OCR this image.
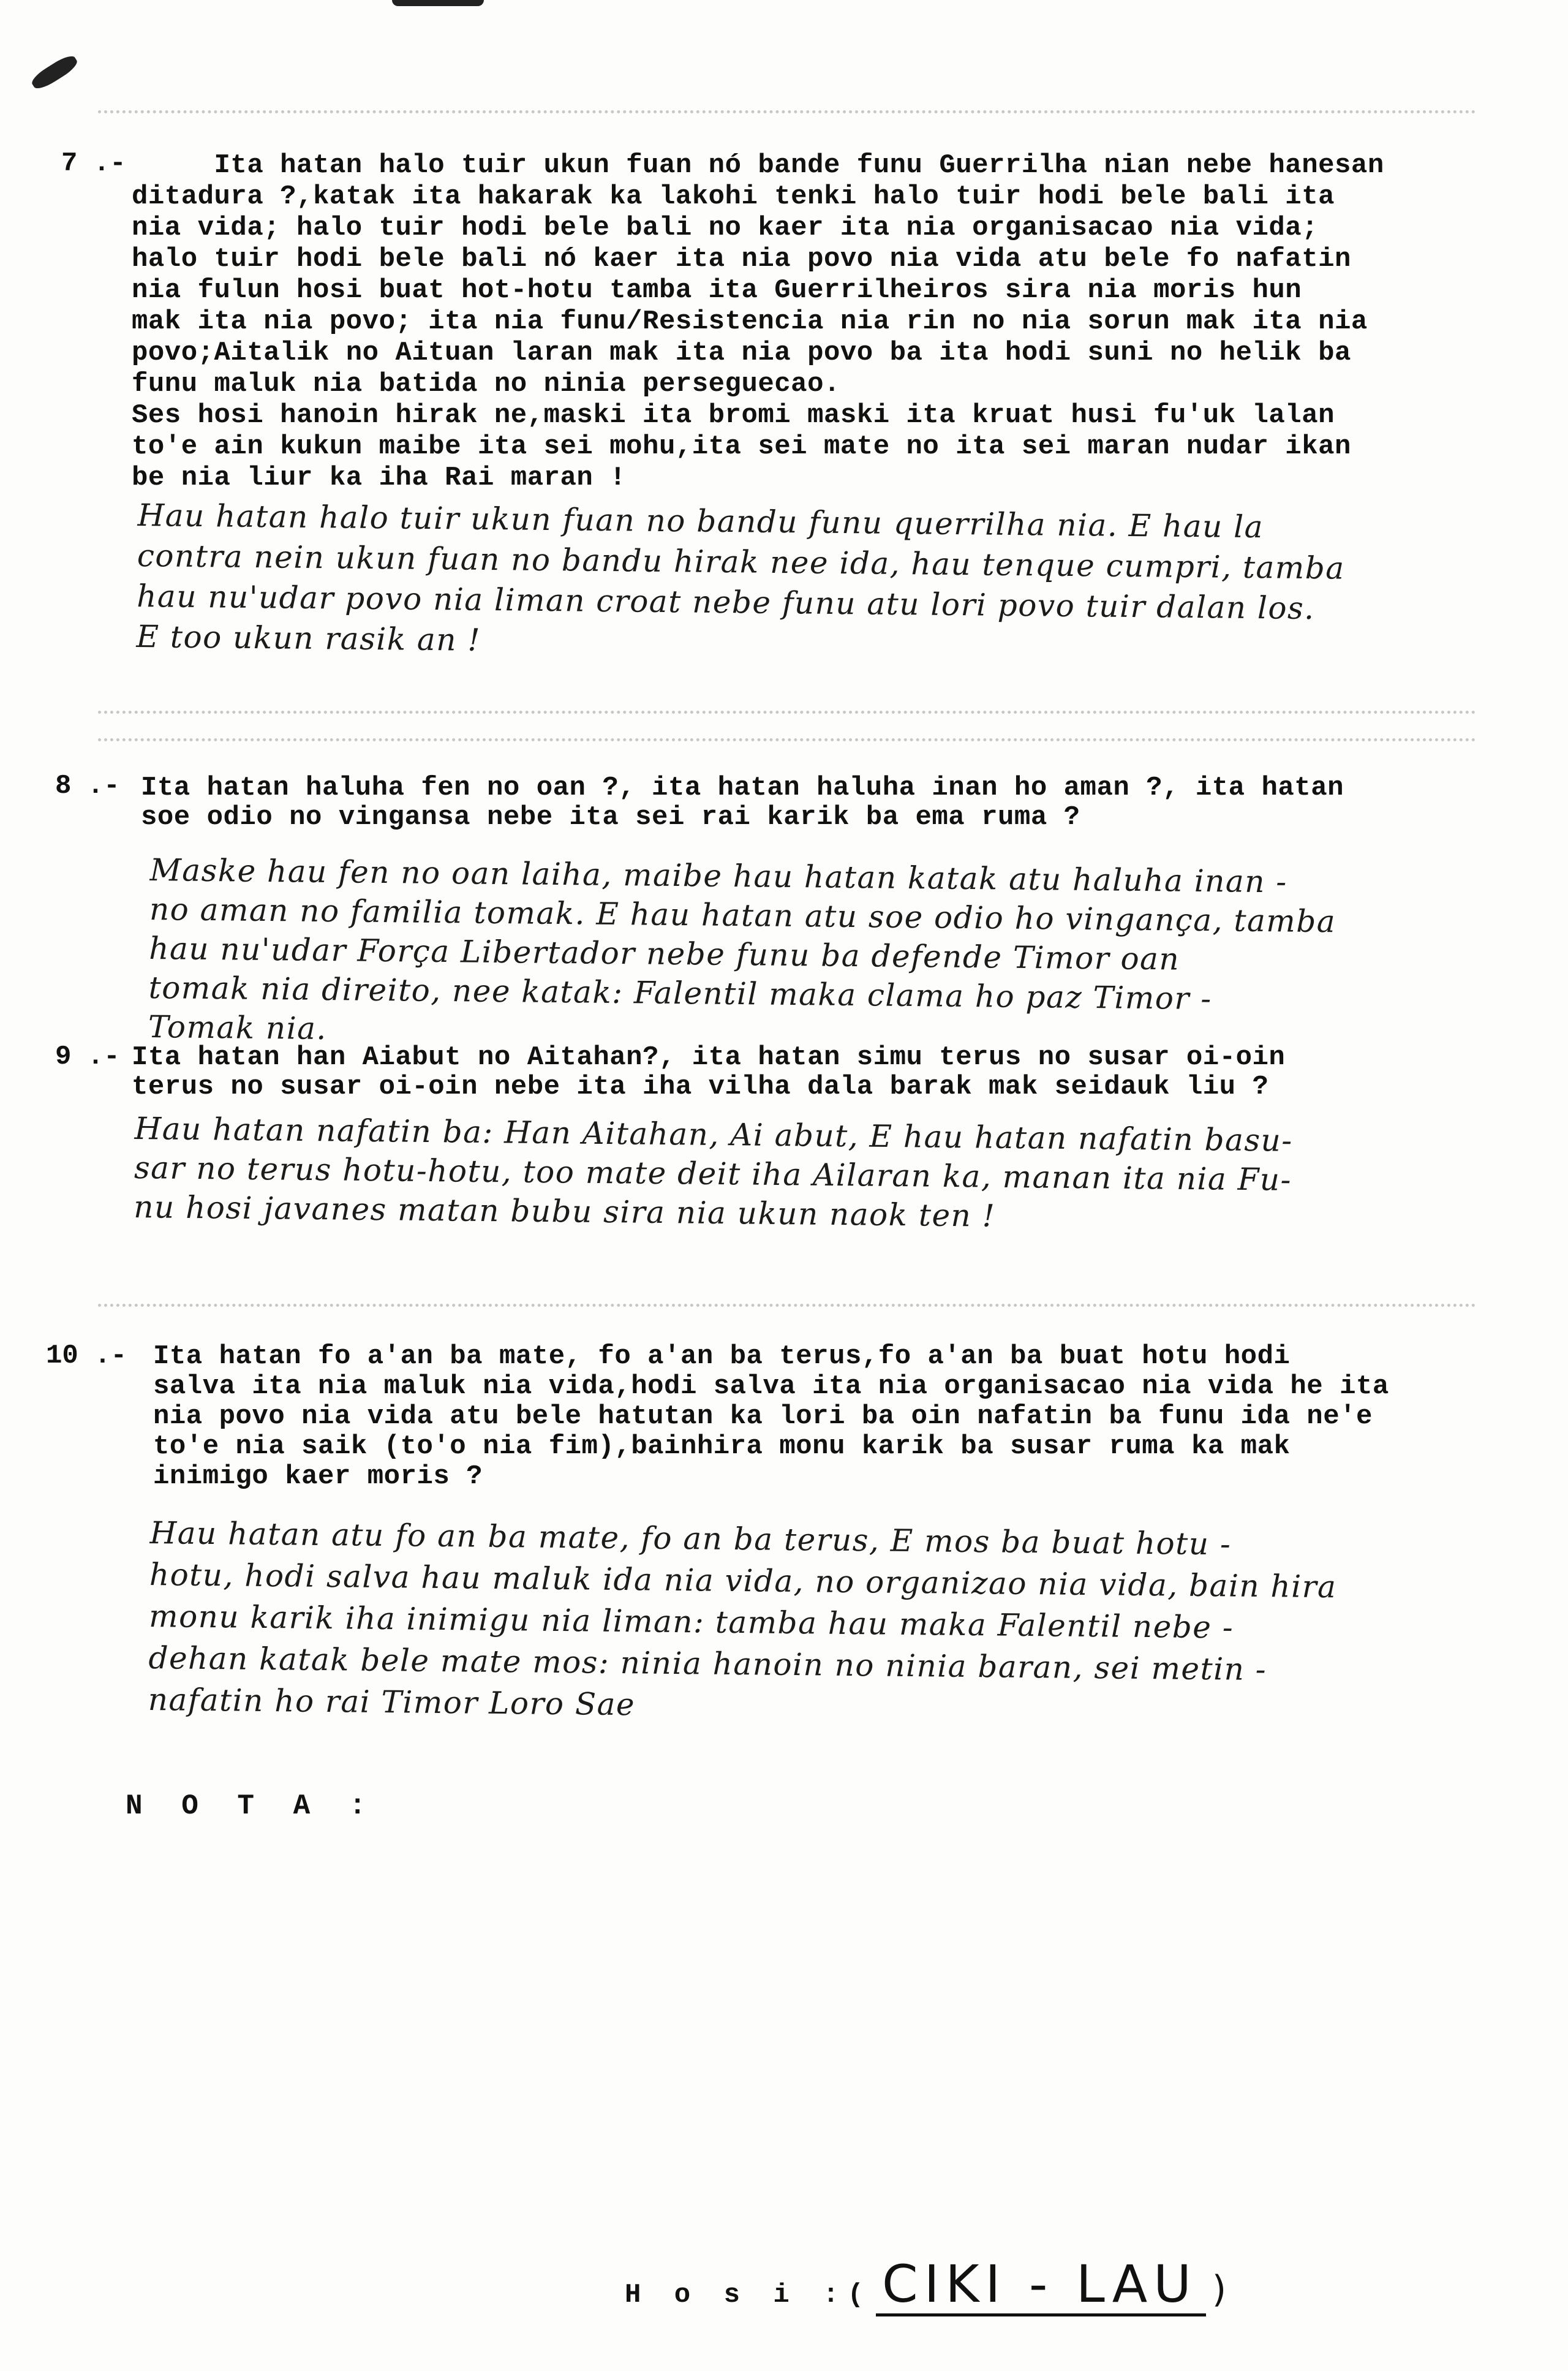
7 .-	Ita hatan halo tuir ukun fuan nó bande funu Guerrilha nian nebe hanesan
ditadura ?,katak ita hakarak ka lakohi tenki halo tuir hodi bele bali ita
nia vida; halo tuir hodi bele bali no kaer ita nia organisacao nia vida;
halo tuir hodi bele bali nó kaer ita nia povo nia vida atu bele fo nafatin
nia fulun hosi buat hot-hotu tamba ita Guerrilheiros sira nia moris hun
mak ita nia povo; ita nia funu/Resistencia nia rin no nia sorun mak ita nia
povo;Aitalik no Aituan laran mak ita nia povo ba ita hodi suni no helik ba
funu maluk nia batida no ninia perseguecao.
Ses hosi hanoin hirak ne,maski ita bromi maski ita kruat husi fu'uk lalan
to'e ain kukun maibe ita sei mohu,ita sei mate no ita sei maran nudar ikan
be nia liur ka iha Rai maran !
Hau hatan halo tuir ukun fuan no bandu funu querrilha nia. E hau la
contra nein ukun fuan no bandu hirak nee ida, hau tenque cumpri, tamba
hau nu'udar povo nia liman croat nebe funu atu lori povo tuir dalan los.
E too ukun rasik an !
8 .- Ita hatan haluha fen no oan ?, ita hatan haluha inan ho aman ?, ita hatan
soe odio no vingansa nebe ita sei rai karik ba ema ruma ?
Maske hau fen no oan laiha, maibe hau hatan katak atu haluha inan -
no aman no familia tomak. E hau hatan atu soe odio ho vingança, tamba
hau nu'udar Força Libertador nebe funu ba defende Timor oan
tomak nia direito, nee katak: Falentil maka clama ho paz Timor -
Tomak nia.
9 .- Ita hatan han Aiabut no Aitahan?, ita hatan simu terus no susar oi-oin
terus no susar oi-oin nebe ita iha vilha dala barak mak seidauk liu ?
Hau hatan nafatin ba: Han Aitahan, Ai abut, E hau hatan nafatin basu-
sar no terus hotu-hotu, too mate deit iha Ailaran ka, manan ita nia Fu-
nu hosi javanes matan bubu sira nia ukun naok ten !
10 .- Ita hatan fo a'an ba mate, fo a'an ba terus,fo a'an ba buat hotu hodi
salva ita nia maluk nia vida,hodi salva ita nia organisacao nia vida he ita
nia povo nia vida atu bele hatutan ka lori ba oin nafatin ba funu ida ne'e
to'e nia saik (to'o nia fim),bainhira monu karik ba susar ruma ka mak
inimigo kaer moris ?
Hau hatan atu fo an ba mate, fo an ba terus, E mos ba buat hotu -
hotu, hodi salva hau maluk ida nia vida, no organizao nia vida, bain hira
monu karik iha inimigu nia liman: tamba hau maka Falentil nebe -
dehan katak bele mate mos: ninia hanoin no ninia baran, sei metin -
nafatin ho rai Timor Loro Sae
N O T A :
H o s i :( CIKI - LAU )
